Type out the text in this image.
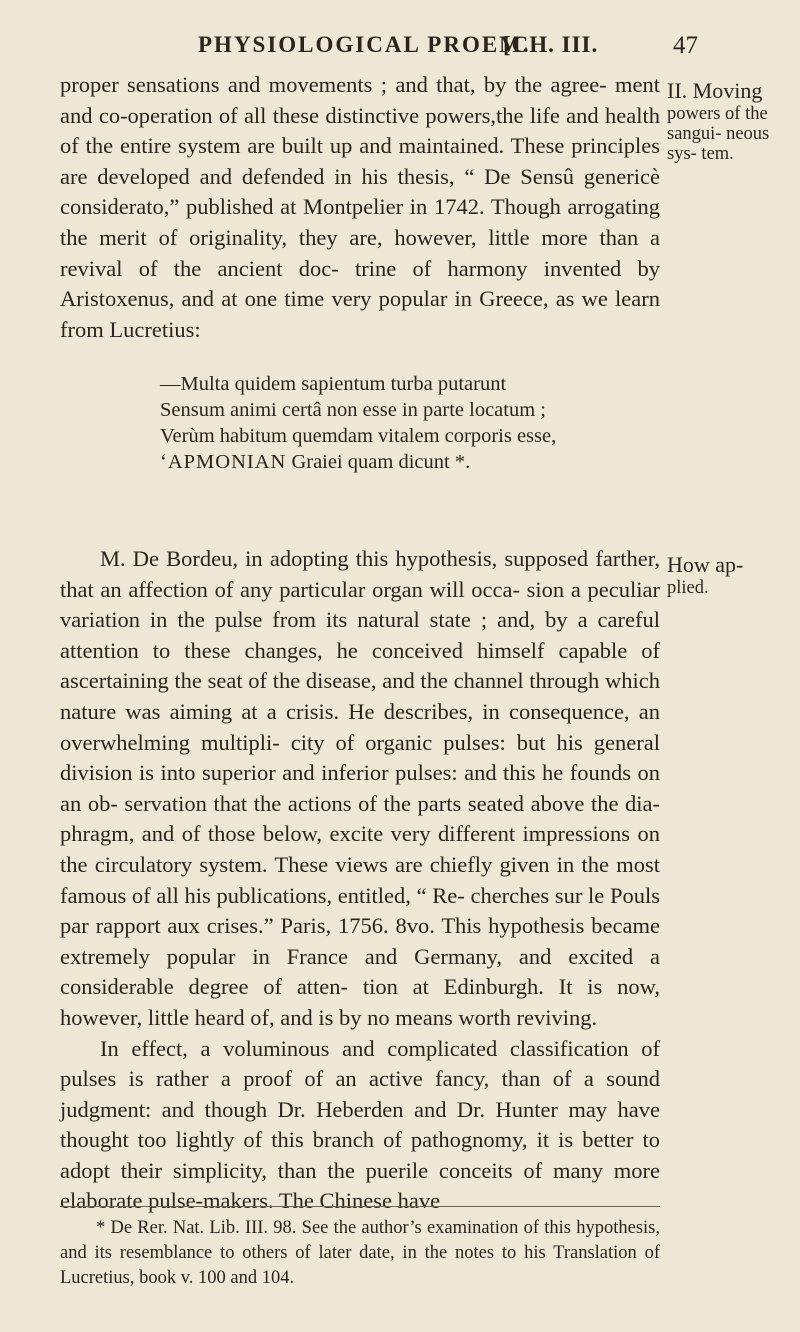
PHYSIOLOGICAL PROEM.
[CH. III.	47

proper sensations and movements ; and that, by the agree- ment and co-operation of all these distinctive powers,the life and health of the entire system are built up and maintained. These principles are developed and defended in his thesis, “ De Sensû genericè considerato,” published at Montpelier in 1742. Though arrogating the merit of originality, they are, however, little more than a revival of the ancient doc- trine of harmony invented by Aristoxenus, and at one time very popular in Greece, as we learn from Lucretius:

II. Moving
powers of the sangui- neous sys- tem.
—Multa quidem sapientum turba putarunt
Sensum animi certâ non esse in parte locatum ;
Verùm habitum quemdam vitalem corporis esse,
‘ΑΡΜΟΝΙΑΝ Graiei quam dicunt *.

M. De Bordeu, in adopting this hypothesis, supposed farther, that an affection of any particular organ will occa- sion a peculiar variation in the pulse from its natural state ; and, by a careful attention to these changes, he conceived himself capable of ascertaining the seat of the disease, and the channel through which nature was aiming at a crisis. He describes, in consequence, an overwhelming multipli- city of organic pulses: but his general division is into superior and inferior pulses: and this he founds on an ob- servation that the actions of the parts seated above the dia- phragm, and of those below, excite very different impressions on the circulatory system. These views are chiefly given in the most famous of all his publications, entitled, “ Re- cherches sur le Pouls par rapport aux crises.” Paris, 1756. 8vo. This hypothesis became extremely popular in France and Germany, and excited a considerable degree of atten- tion at Edinburgh. It is now, however, little heard of, and is by no means worth reviving.

In effect, a voluminous and complicated classification of pulses is rather a proof of an active fancy, than of a sound judgment: and though Dr. Heberden and Dr. Hunter may have thought too lightly of this branch of pathognomy, it is better to adopt their simplicity, than the puerile conceits of many more elaborate pulse-makers. The Chinese have

How ap-
plied.

* De Rer. Nat. Lib. III. 98. See the author’s examination of this hypothesis, and its resemblance to others of later date, in the notes to his Translation of Lucretius, book v. 100 and 104.
